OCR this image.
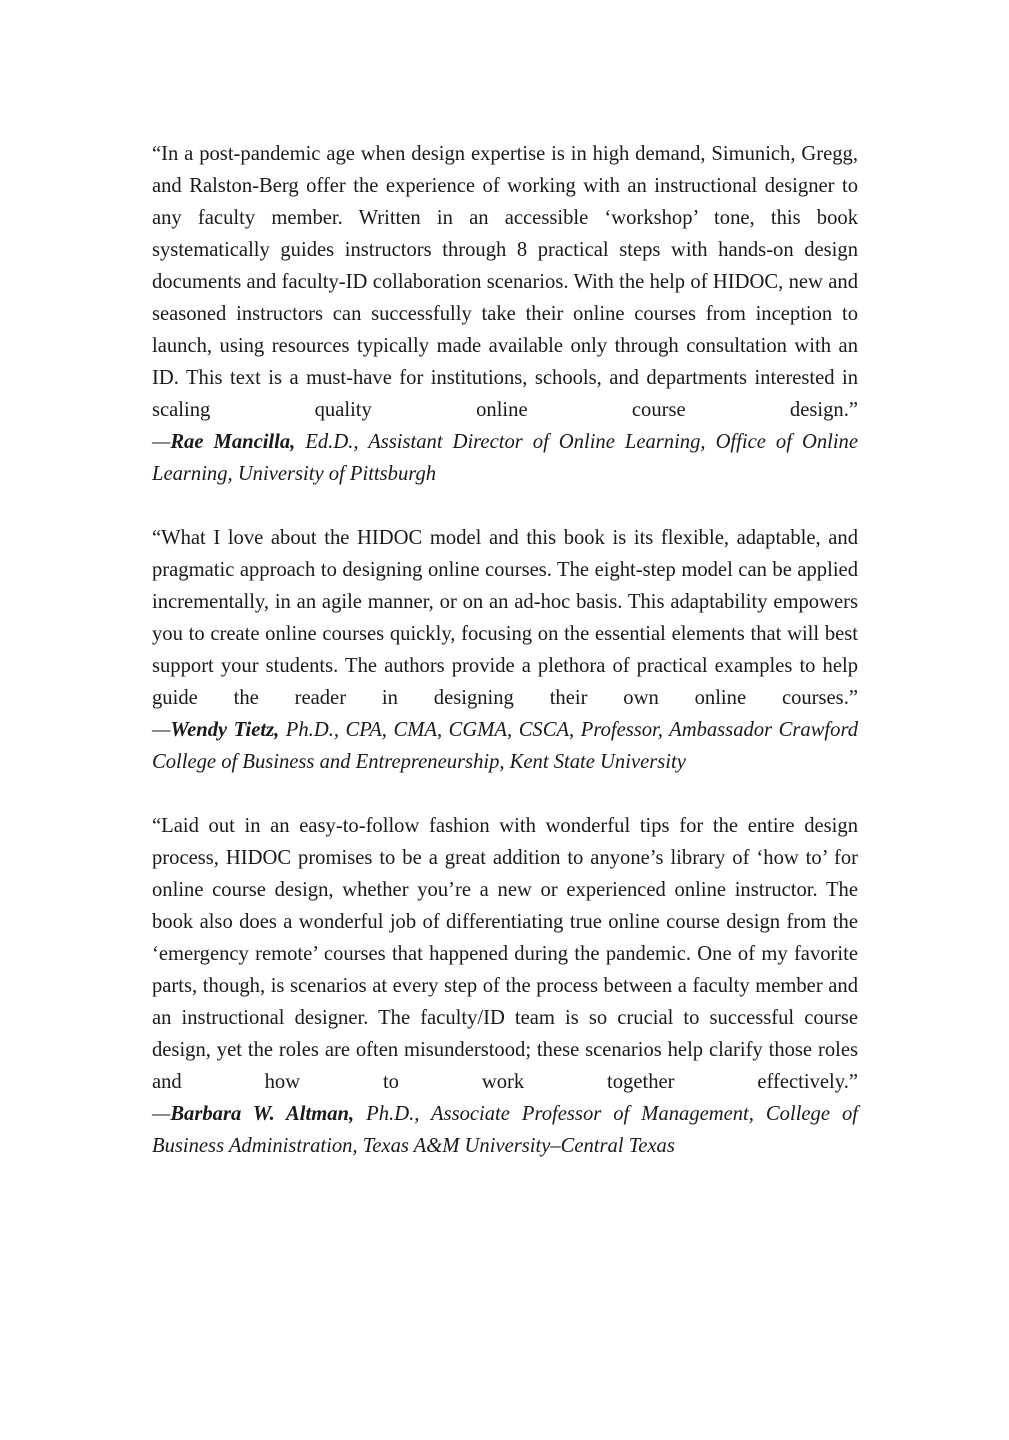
“In a post-pandemic age when design expertise is in high demand, Simunich, Gregg, and Ralston-Berg offer the experience of working with an instructional designer to any faculty member. Written in an accessible ‘workshop’ tone, this book systematically guides instructors through 8 practical steps with hands-on design documents and faculty-ID collaboration scenarios. With the help of HIDOC, new and seasoned instructors can successfully take their online courses from inception to launch, using resources typically made available only through consultation with an ID. This text is a must-have for institutions, schools, and departments interested in scaling quality online course design.”

—Rae Mancilla, Ed.D., Assistant Director of Online Learning, Office of Online Learning, University of Pittsburgh

“What I love about the HIDOC model and this book is its flexible, adaptable, and pragmatic approach to designing online courses. The eight-step model can be applied incrementally, in an agile manner, or on an ad-hoc basis. This adaptability empowers you to create online courses quickly, focusing on the essential elements that will best support your students. The authors provide a plethora of practical examples to help guide the reader in designing their own online courses.”

—Wendy Tietz, Ph.D., CPA, CMA, CGMA, CSCA, Professor, Ambassador Crawford College of Business and Entrepreneurship, Kent State University

“Laid out in an easy-to-follow fashion with wonderful tips for the entire design process, HIDOC promises to be a great addition to anyone’s library of ‘how to’ for online course design, whether you’re a new or experienced online instructor. The book also does a wonderful job of differentiating true online course design from the ‘emergency remote’ courses that happened during the pandemic. One of my favorite parts, though, is scenarios at every step of the process between a faculty member and an instructional designer. The faculty/ID team is so crucial to successful course design, yet the roles are often misunderstood; these scenarios help clarify those roles and how to work together effectively.”

—Barbara W. Altman, Ph.D., Associate Professor of Management, College of Business Administration, Texas A&M University–Central Texas
